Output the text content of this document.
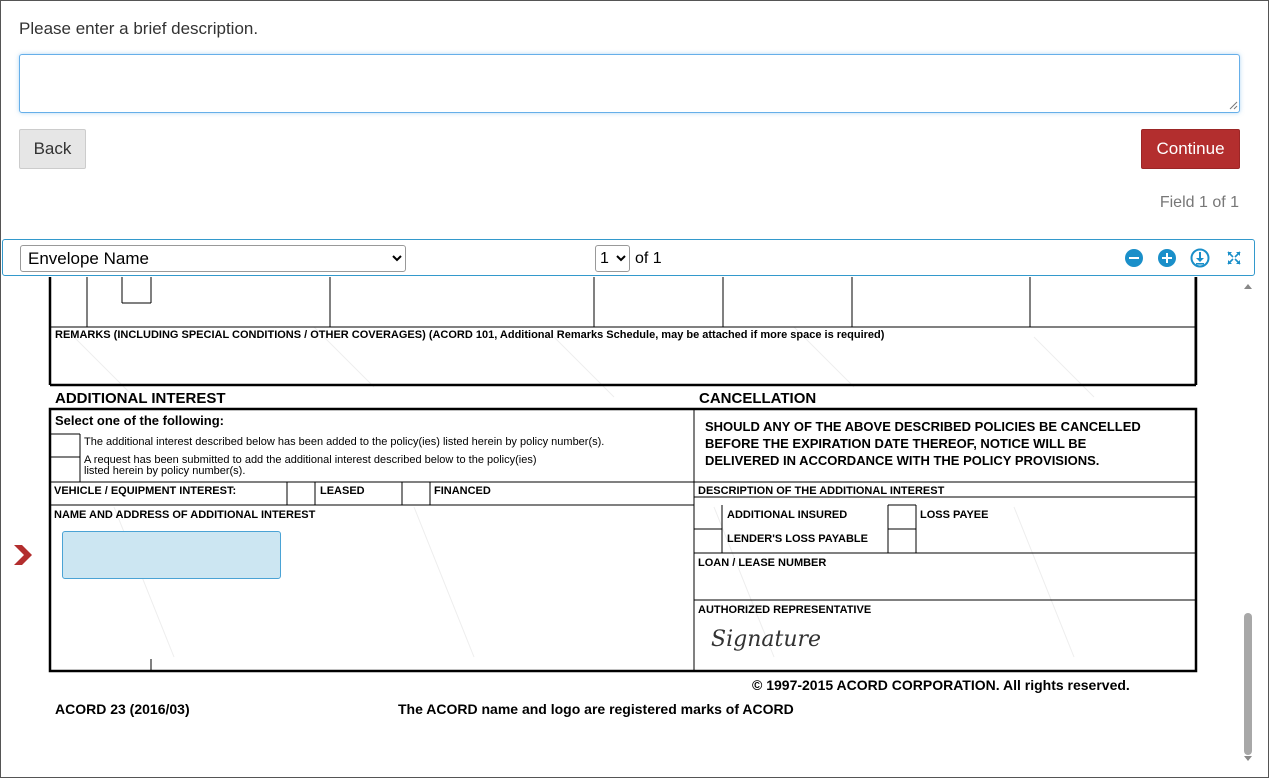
Please enter a brief description.
Back	Continue
Field 1 of 1
Envelope Name
1
of 1
REMARKS (INCLUDING SPECIAL CONDITIONS / OTHER COVERAGES) (ACORD 101, Additional Remarks Schedule, may be attached if more space is required)
ADDITIONAL INTEREST	CANCELLATION
Select one of the following:
The additional interest described below has been added to the policy(ies) listed herein by policy number(s).
A request has been submitted to add the additional interest described below to the policy(ies)
listed herein by policy number(s).
SHOULD ANY OF THE ABOVE DESCRIBED POLICIES BE CANCELLED
BEFORE THE EXPIRATION DATE THEREOF, NOTICE WILL BE
DELIVERED IN ACCORDANCE WITH THE POLICY PROVISIONS.
VEHICLE / EQUIPMENT INTEREST:	LEASED	FINANCED	DESCRIPTION OF THE ADDITIONAL INTEREST
NAME AND ADDRESS OF ADDITIONAL INTEREST	ADDITIONAL INSURED	LOSS PAYEE
LENDER'S LOSS PAYABLE
LOAN / LEASE NUMBER
AUTHORIZED REPRESENTATIVE
Signature
© 1997-2015 ACORD CORPORATION. All rights reserved.
ACORD 23 (2016/03)	The ACORD name and logo are registered marks of ACORD
